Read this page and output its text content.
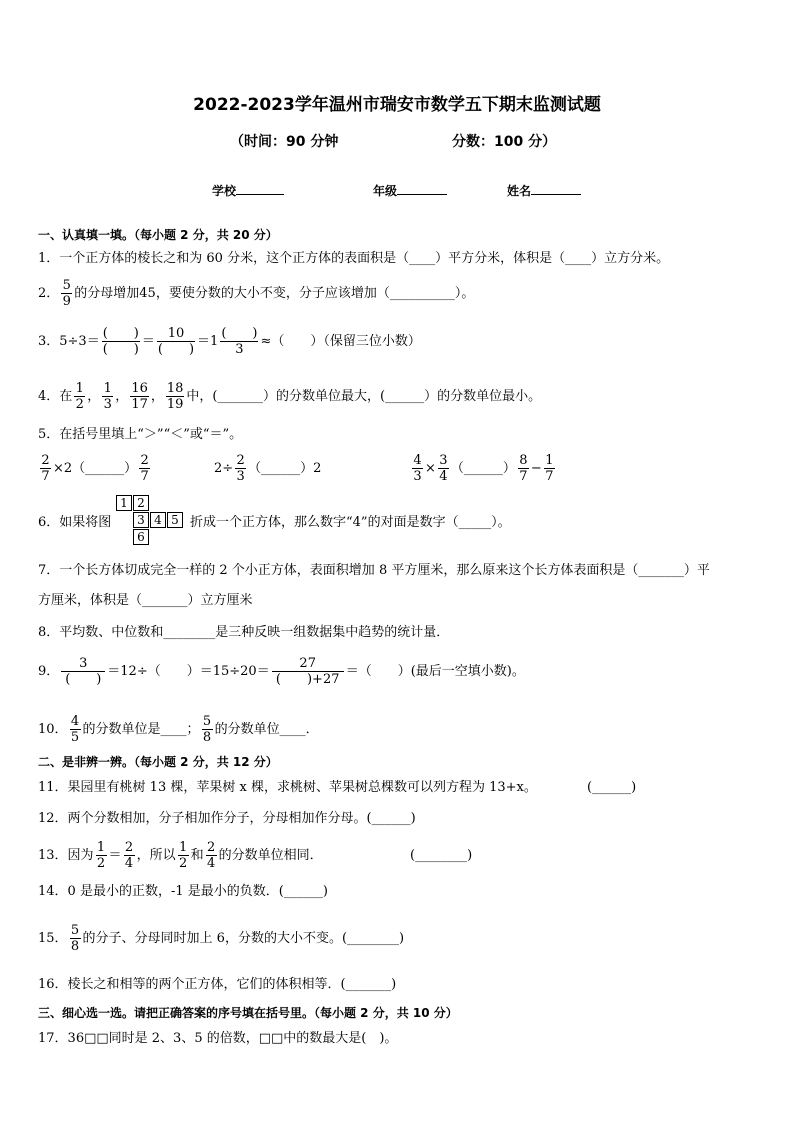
2022-2023学年温州市瑞安市数学五下期末监测试题
（时间：90 分钟	分数：100 分）
学校	年级	姓名
一、认真填一填。（每小题 2 分，共 20 分）
1．一个正方体的棱长之和为 60 分米，这个正方体的表面积是（____）平方分米，体积是（____）立方分米。
2． $\frac{5}{9}$ 的分母增加45，要使分数的大小不变，分子应该增加（__________）。
3．$5\div 3= \frac{( )}{( )} = \frac{10}{( )} =1 \frac{( )}{3}$ ≈（　　）（保留三位小数）
4．在 $\frac{1}{2}$ ， $\frac{1}{3}$ ， $\frac{16}{17}$ ， $\frac{18}{19}$ 中，(_______）的分数单位最大，(______）的分数单位最小。
5．在括号里填上“＞”“＜”或“＝”。
$\frac{2}{7}$ ×2（______） $\frac{2}{7}$	$2\div \frac{2}{3}$ （______）2	$\frac{4}{3} \times \frac{3}{4}$ （______） $\frac{8}{7} - \frac{1}{7}$
6．如果将图
1 2
3 4 5
6
折成一个正方体，那么数字“4”的对面是数字（_____）。
7．一个长方体切成完全一样的 2 个小正方体，表面积增加 8 平方厘米，那么原来这个长方体表面积是（_______）平
方厘米，体积是（_______）立方厘米
8．平均数、中位数和________是三种反映一组数据集中趋势的统计量．
9． $\frac{3}{( )} =12\div$（　　）$=15\div 20= \frac{27}{( )+27}$ ＝（　　）(最后一空填小数)。
10． $\frac{4}{5}$ 的分数单位是____； $\frac{5}{8}$ 的分数单位____．
二、是非辨一辨。（每小题 2 分，共 12 分）
11．果园里有桃树 13 棵，苹果树 x 棵，求桃树、苹果树总棵数可以列方程为 13+x。	(______)
12．两个分数相加，分子相加作分子，分母相加作分母。(______)
13．因为 $\frac{1}{2} = \frac{2}{4}$ ，所以 $\frac{1}{2}$ 和 $\frac{2}{4}$ 的分数单位相同．	(________)
14．0 是最小的正数，-1 是最小的负数．(______)
15． $\frac{5}{8}$ 的分子、分母同时加上 6，分数的大小不变。(________)
16．棱长之和相等的两个正方体，它们的体积相等．(_______)
三、细心选一选。请把正确答案的序号填在括号里。（每小题 2 分，共 10 分）
17．36□□同时是 2、3、5 的倍数，□□中的数最大是(　)。
